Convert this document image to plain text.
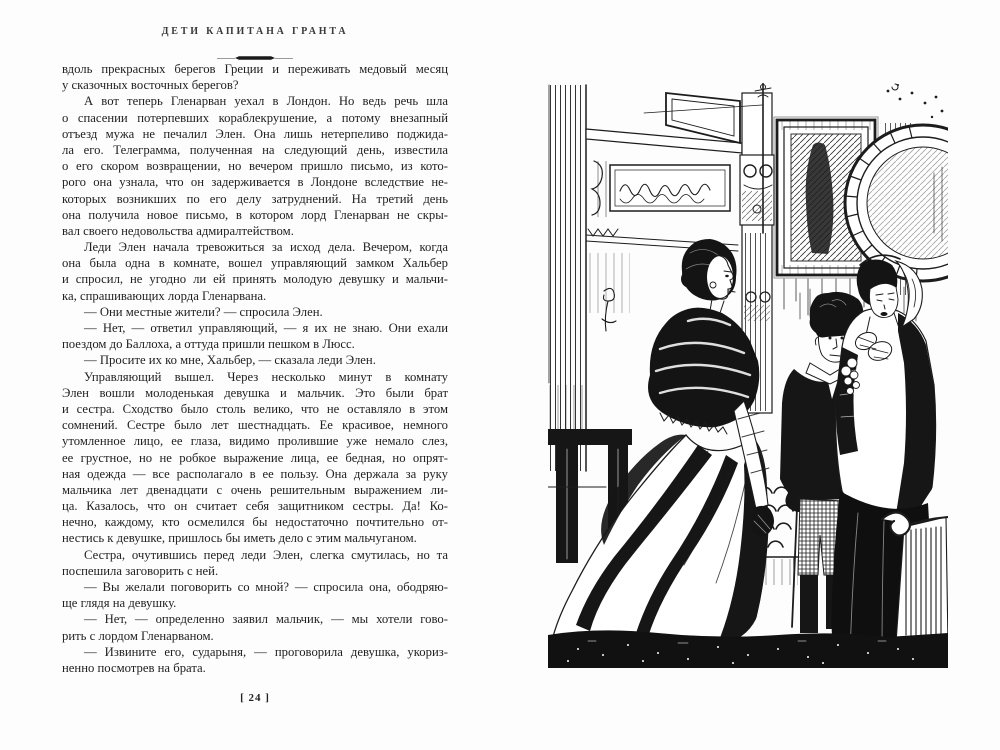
ДЕТИ КАПИТАНА ГРАНТА
вдоль прекрасных берегов Греции и переживать медовый месяц
у сказочных восточных берегов?
А вот теперь Гленарван уехал в Лондон. Но ведь речь шла
о спасении потерпевших кораблекрушение, а потому внезапный
отъезд мужа не печалил Элен. Она лишь нетерпеливо поджида-
ла его. Телеграмма, полученная на следующий день, известила
о его скором возвращении, но вечером пришло письмо, из кото-
рого она узнала, что он задерживается в Лондоне вследствие не-
которых возникших по его делу затруднений. На третий день
она получила новое письмо, в котором лорд Гленарван не скры-
вал своего недовольства адмиралтейством.
Леди Элен начала тревожиться за исход дела. Вечером, когда
она была одна в комнате, вошел управляющий замком Хальбер
и спросил, не угодно ли ей принять молодую девушку и мальчи-
ка, спрашивающих лорда Гленарвана.
— Они местные жители? — спросила Элен.
— Нет, — ответил управляющий, — я их не знаю. Они ехали
поездом до Баллоха, а оттуда пришли пешком в Люсс.
— Просите их ко мне, Хальбер, — сказала леди Элен.
Управляющий вышел. Через несколько минут в комнату
Элен вошли молоденькая девушка и мальчик. Это были брат
и сестра. Сходство было столь велико, что не оставляло в этом
сомнений. Сестре было лет шестнадцать. Ее красивое, немного
утомленное лицо, ее глаза, видимо пролившие уже немало слез,
ее грустное, но не робкое выражение лица, ее бедная, но опрят-
ная одежда — все располагало в ее пользу. Она держала за руку
мальчика лет двенадцати с очень решительным выражением ли-
ца. Казалось, что он считает себя защитником сестры. Да! Ко-
нечно, каждому, кто осмелился бы недостаточно почтительно от-
нестись к девушке, пришлось бы иметь дело с этим мальчуганом.
Сестра, очутившись перед леди Элен, слегка смутилась, но та
поспешила заговорить с ней.
— Вы желали поговорить со мной? — спросила она, ободряю-
ще глядя на девушку.
— Нет, — определенно заявил мальчик, — мы хотели гово-
рить с лордом Гленарваном.
— Извините его, сударыня, — проговорила девушка, укориз-
ненно посмотрев на брата.
[ 24 ]
